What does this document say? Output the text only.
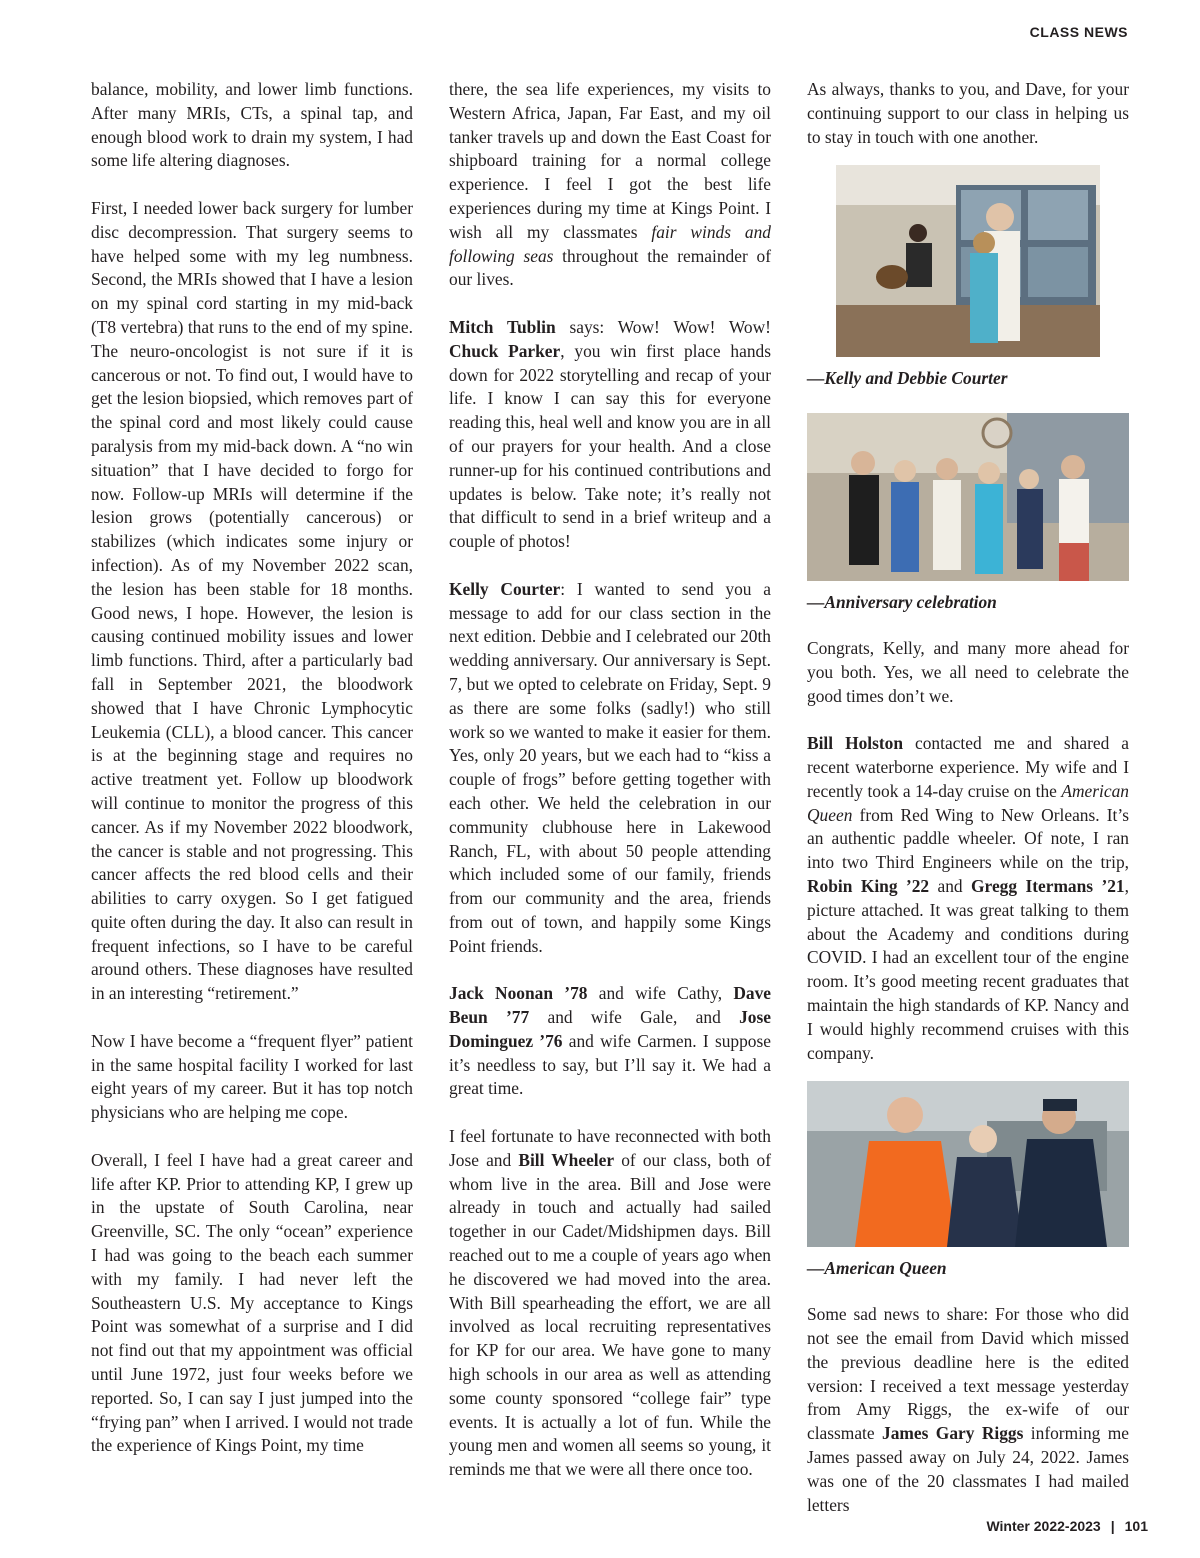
CLASS NEWS

balance, mobility, and lower limb functions. After many MRIs, CTs, a spinal tap, and enough blood work to drain my system, I had some life altering diagnoses.

First, I needed lower back surgery for lumber disc decompression. That surgery seems to have helped some with my leg numbness. Second, the MRIs showed that I have a lesion on my spinal cord starting in my mid-back (T8 vertebra) that runs to the end of my spine. The neuro-oncologist is not sure if it is cancerous or not. To find out, I would have to get the lesion biopsied, which removes part of the spinal cord and most likely could cause paralysis from my mid-back down. A “no win situation” that I have decided to forgo for now. Follow-up MRIs will determine if the lesion grows (potentially cancerous) or stabilizes (which indicates some injury or infection). As of my November 2022 scan, the lesion has been stable for 18 months. Good news, I hope. However, the lesion is causing continued mobility issues and lower limb functions. Third, after a particularly bad fall in September 2021, the bloodwork showed that I have Chronic Lymphocytic Leukemia (CLL), a blood cancer. This cancer is at the beginning stage and requires no active treatment yet. Follow up bloodwork will continue to monitor the progress of this cancer. As if my November 2022 bloodwork, the cancer is stable and not progressing. This cancer affects the red blood cells and their abilities to carry oxygen. So I get fatigued quite often during the day. It also can result in frequent infections, so I have to be careful around others. These diagnoses have resulted in an interesting “retirement.”

Now I have become a “frequent flyer” patient in the same hospital facility I worked for last eight years of my career. But it has top notch physicians who are helping me cope.

Overall, I feel I have had a great career and life after KP. Prior to attending KP, I grew up in the upstate of South Carolina, near Greenville, SC. The only “ocean” experience I had was going to the beach each summer with my family. I had never left the Southeastern U.S. My acceptance to Kings Point was somewhat of a surprise and I did not find out that my appointment was official until June 1972, just four weeks before we reported. So, I can say I just jumped into the “frying pan” when I arrived. I would not trade the experience of Kings Point, my time

there, the sea life experiences, my visits to Western Africa, Japan, Far East, and my oil tanker travels up and down the East Coast for shipboard training for a normal college experience. I feel I got the best life experiences during my time at Kings Point. I wish all my classmates fair winds and following seas throughout the remainder of our lives.

Mitch Tublin says: Wow! Wow! Wow! Chuck Parker, you win first place hands down for 2022 storytelling and recap of your life. I know I can say this for everyone reading this, heal well and know you are in all of our prayers for your health. And a close runner-up for his continued contributions and updates is below. Take note; it’s really not that difficult to send in a brief writeup and a couple of photos!

Kelly Courter: I wanted to send you a message to add for our class section in the next edition. Debbie and I celebrated our 20th wedding anniversary. Our anniversary is Sept. 7, but we opted to celebrate on Friday, Sept. 9 as there are some folks (sadly!) who still work so we wanted to make it easier for them. Yes, only 20 years, but we each had to “kiss a couple of frogs” before getting together with each other. We held the celebration in our community clubhouse here in Lakewood Ranch, FL, with about 50 people attending which included some of our family, friends from our community and the area, friends from out of town, and happily some Kings Point friends.

Jack Noonan ’78 and wife Cathy, Dave Beun ’77 and wife Gale, and Jose Dominguez ’76 and wife Carmen. I suppose it’s needless to say, but I’ll say it. We had a great time.

I feel fortunate to have reconnected with both Jose and Bill Wheeler of our class, both of whom live in the area. Bill and Jose were already in touch and actually had sailed together in our Cadet/Midshipmen days. Bill reached out to me a couple of years ago when he discovered we had moved into the area. With Bill spearheading the effort, we are all involved as local recruiting representatives for KP for our area. We have gone to many high schools in our area as well as attending some county sponsored “college fair” type events. It is actually a lot of fun. While the young men and women all seems so young, it reminds me that we were all there once too.

As always, thanks to you, and Dave, for your continuing support to our class in helping us to stay in touch with one another.

—Kelly and Debbie Courter
—Anniversary celebration

Congrats, Kelly, and many more ahead for you both. Yes, we all need to celebrate the good times don’t we.

Bill Holston contacted me and shared a recent waterborne experience. My wife and I recently took a 14-day cruise on the American Queen from Red Wing to New Orleans. It’s an authentic paddle wheeler. Of note, I ran into two Third Engineers while on the trip, Robin King ’22 and Gregg Itermans ’21, picture attached. It was great talking to them about the Academy and conditions during COVID. I had an excellent tour of the engine room. It’s good meeting recent graduates that maintain the high standards of KP. Nancy and I would highly recommend cruises with this company.

—American Queen

Some sad news to share: For those who did not see the email from David which missed the previous deadline here is the edited version: I received a text message yesterday from Amy Riggs, the ex-wife of our classmate James Gary Riggs informing me James passed away on July 24, 2022. James was one of the 20 classmates I had mailed letters

Winter 2022-2023 | 101
